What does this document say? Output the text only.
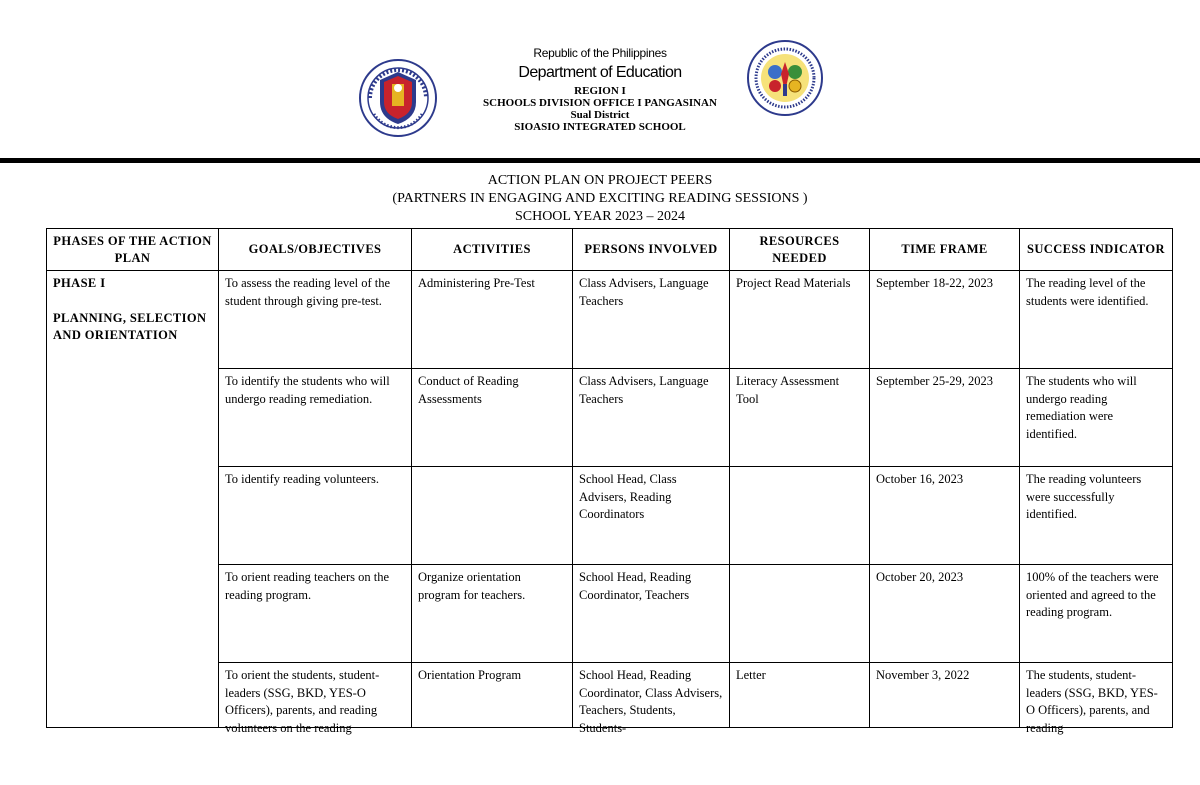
Republic of the Philippines
Department of Education
REGION I
SCHOOLS DIVISION OFFICE I PANGASINAN
Sual District
SIOASIO INTEGRATED SCHOOL
ACTION PLAN ON PROJECT PEERS
(PARTNERS IN ENGAGING AND EXCITING READING SESSIONS )
SCHOOL YEAR 2023 – 2024
PHASES OF THE ACTION PLAN	GOALS/OBJECTIVES	ACTIVITIES	PERSONS INVOLVED	RESOURCES NEEDED	TIME FRAME	SUCCESS INDICATOR

PHASE I
PLANNING, SELECTION AND ORIENTATION	To assess the reading level of the student through giving pre-test.	Administering Pre-Test	Class Advisers, Language Teachers	Project Read Materials	September 18-22, 2023	The reading level of the students were identified.
	To identify the students who will undergo reading remediation.	Conduct of Reading Assessments	Class Advisers, Language Teachers	Literacy Assessment Tool	September 25-29, 2023	The students who will undergo reading remediation were identified.
	To identify reading volunteers.		School Head, Class Advisers, Reading Coordinators		October 16, 2023	The reading volunteers were successfully identified.
	To orient reading teachers on the reading program.	Organize orientation program for teachers.	School Head, Reading Coordinator, Teachers		October 20, 2023	100% of the teachers were oriented and agreed to the reading program.

	To orient the students, student-leaders (SSG, BKD, YES-O Officers), parents, and reading volunteers on the reading	Orientation Program	School Head, Reading Coordinator, Class Advisers, Teachers, Students, Students-	Letter	November 3, 2022	The students, student-leaders (SSG, BKD, YES-O Officers), parents, and reading
